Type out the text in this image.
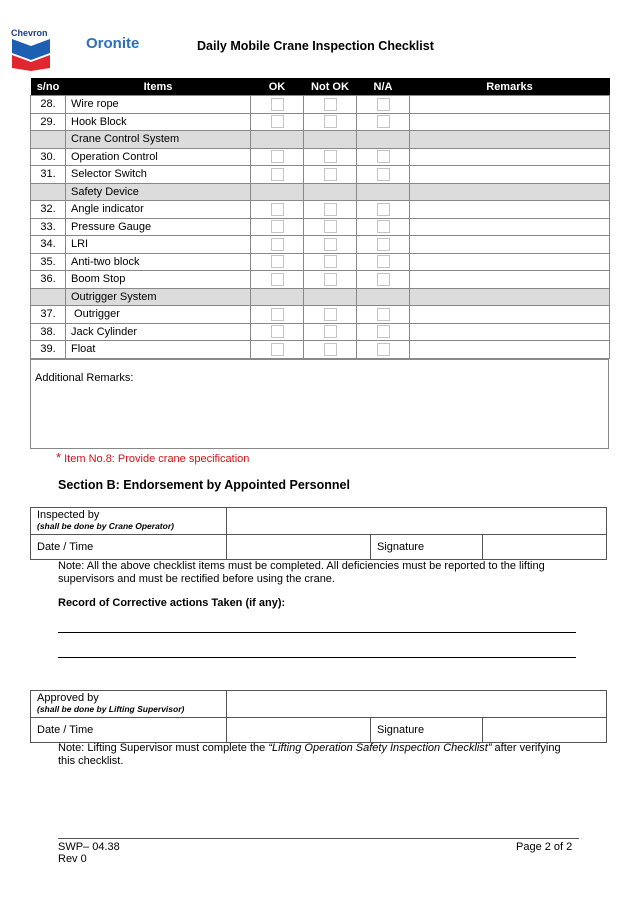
Chevron
Oronite	Daily Mobile Crane Inspection Checklist
s/no	Items	OK	Not OK	N/A	Remarks
28.	Wire rope	

29.	Hook Block	

	Crane Control System				
30.	Operation Control	

31.	Selector Switch	

	Safety Device				
32.	Angle indicator	

33.	Pressure Gauge	

34.	LRI	

35.	Anti-two block	

36.	Boom Stop	

	Outrigger System				
37.	Outrigger	

38.	Jack Cylinder	

39.	Float	

Additional Remarks:
* Item No.8: Provide crane specification
Section B: Endorsement by Appointed Personnel
Inspected by
(shall be done by Crane Operator)
Date / Time	Signature
Note: All the above checklist items must be completed. All deficiencies must be reported to the lifting supervisors and must be rectified before using the crane.
Record of Corrective actions Taken (if any):
Approved by
(shall be done by Lifting Supervisor)
Date / Time	Signature
Note: Lifting Supervisor must complete the “Lifting Operation Safety Inspection Checklist” after verifying this checklist.
SWP– 04.38
Rev 0
Page 2 of 2
